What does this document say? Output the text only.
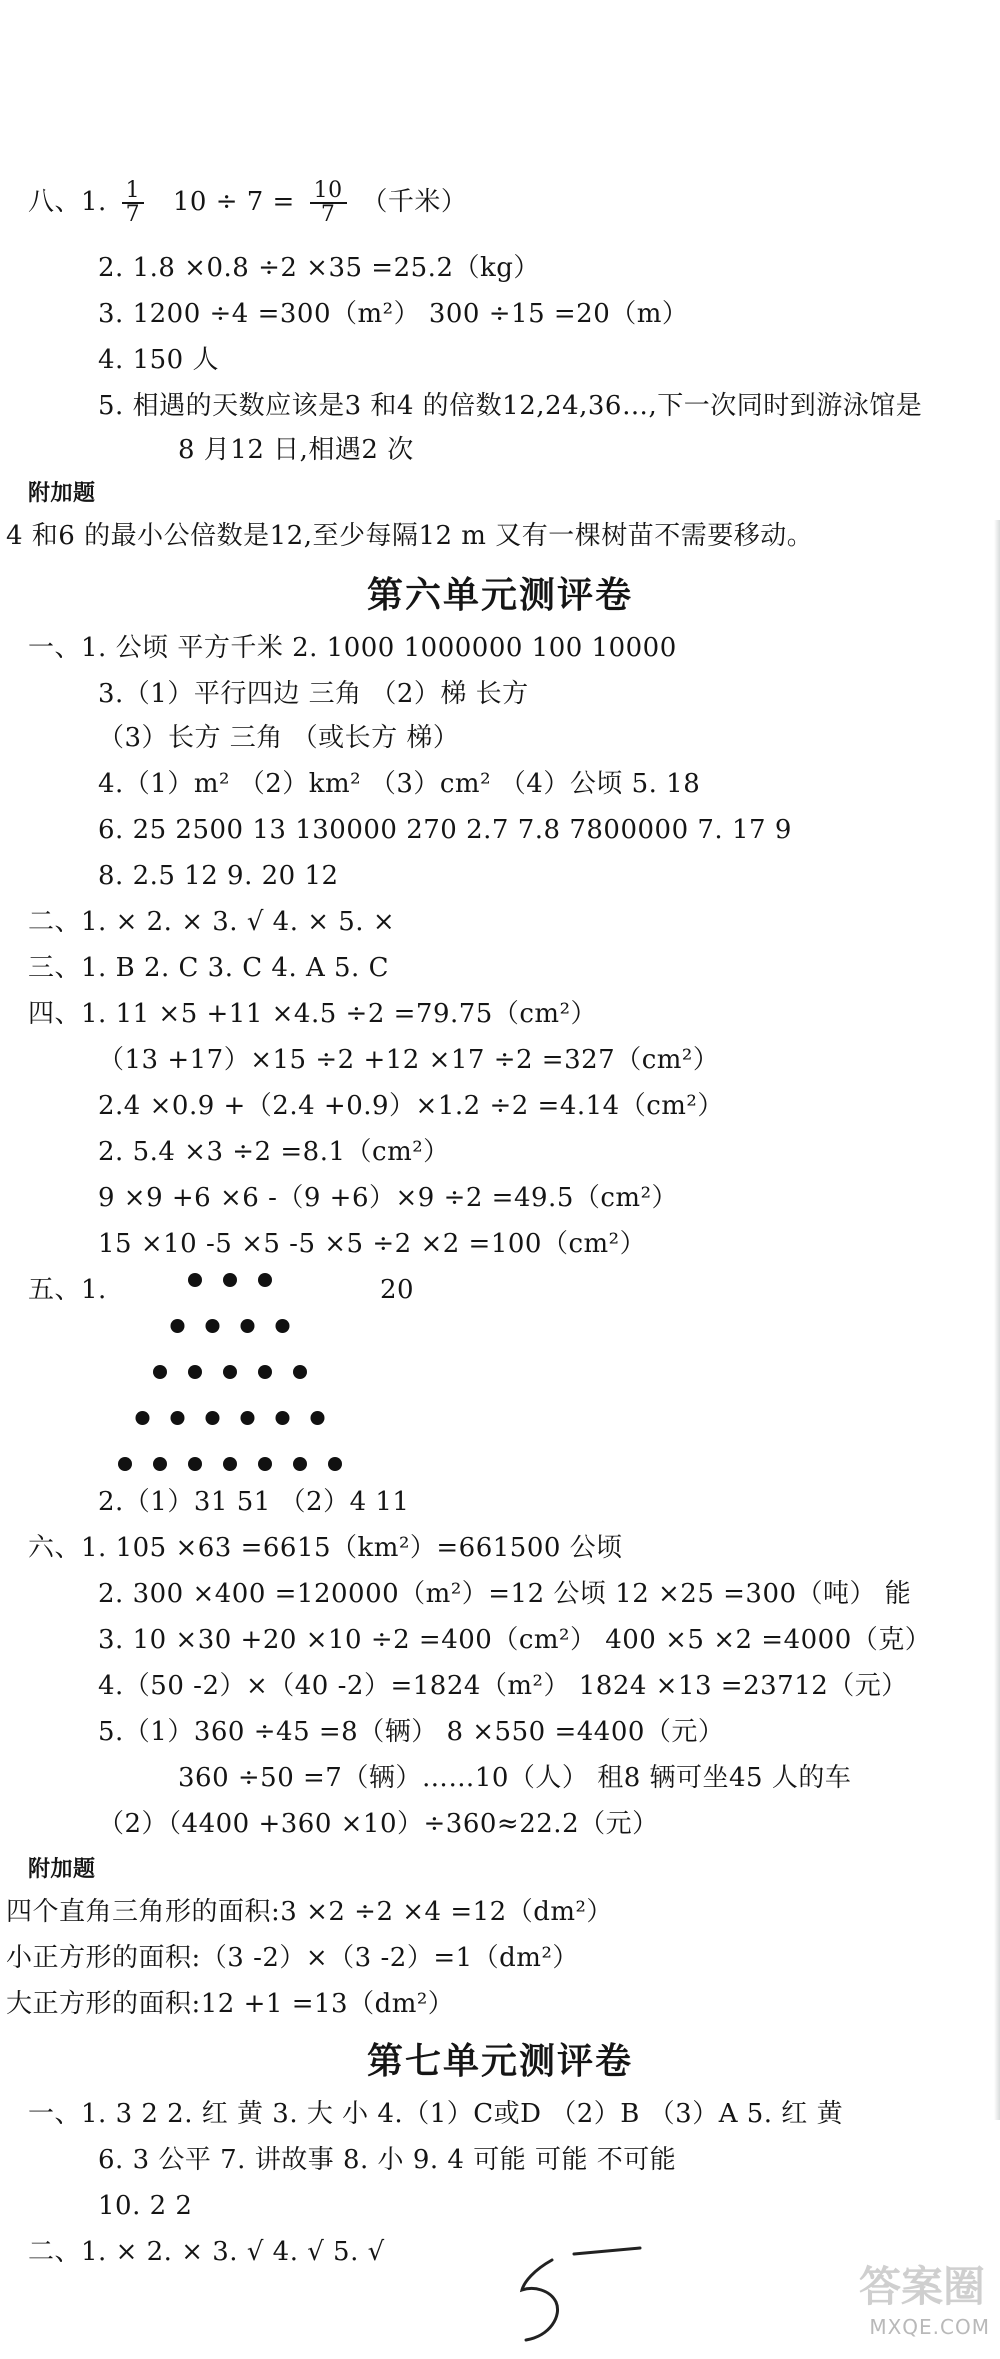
八、1. $\frac{1}{7} 10 \div 7 = \frac{10}{7}$ （千米）
2. 1.8 ×0.8 ÷2 ×35 =25.2（kg）
3. 1200 ÷4 =300（m²） 300 ÷15 =20（m）
4. 150 人
5. 相遇的天数应该是3 和4 的倍数12,24,36…,下一次同时到游泳馆是
8 月12 日,相遇2 次
附加题
4 和6 的最小公倍数是12,至少每隔12 m 又有一棵树苗不需要移动。
第六单元测评卷
一、1. 公顷 平方千米 2. 1000 1000000 100 10000
3.（1）平行四边 三角 （2）梯 长方
（3）长方 三角 （或长方 梯）
4.（1）m² （2）km² （3）cm² （4）公顷 5. 18
6. 25 2500 13 130000 270 2.7 7.8 7800000 7. 17 9
8. 2.5 12 9. 20 12
二、1. × 2. × 3. √ 4. × 5. ×
三、1. B 2. C 3. C 4. A 5. C
四、1. 11 ×5 +11 ×4.5 ÷2 =79.75（cm²）
（13 +17）×15 ÷2 +12 ×17 ÷2 =327（cm²）
2.4 ×0.9 +（2.4 +0.9）×1.2 ÷2 =4.14（cm²）
2. 5.4 ×3 ÷2 =8.1（cm²）
9 ×9 +6 ×6 -（9 +6）×9 ÷2 =49.5（cm²）
15 ×10 -5 ×5 -5 ×5 ÷2 ×2 =100（cm²）
五、1.	20
2.（1）31 51 （2）4 11
六、1. 105 ×63 =6615（km²）=661500 公顷
2. 300 ×400 =120000（m²）=12 公顷 12 ×25 =300（吨） 能
3. 10 ×30 +20 ×10 ÷2 =400（cm²） 400 ×5 ×2 =4000（克）
4.（50 -2）×（40 -2）=1824（m²） 1824 ×13 =23712（元）
5.（1）360 ÷45 =8（辆） 8 ×550 =4400（元）
360 ÷50 =7（辆）……10（人） 租8 辆可坐45 人的车
（2）（4400 +360 ×10）÷360≈22.2（元）
附加题
四个直角三角形的面积:3 ×2 ÷2 ×4 =12（dm²）
小正方形的面积:（3 -2）×（3 -2）=1（dm²）
大正方形的面积:12 +1 =13（dm²）
第七单元测评卷
一、1. 3 2 2. 红 黄 3. 大 小 4.（1）C或D （2）B （3）A 5. 红 黄
6. 3 公平 7. 讲故事 8. 小 9. 4 可能 可能 不可能
10. 2 2
二、1. × 2. × 3. √ 4. √ 5. √
5
答案圈
MXQE.COM
